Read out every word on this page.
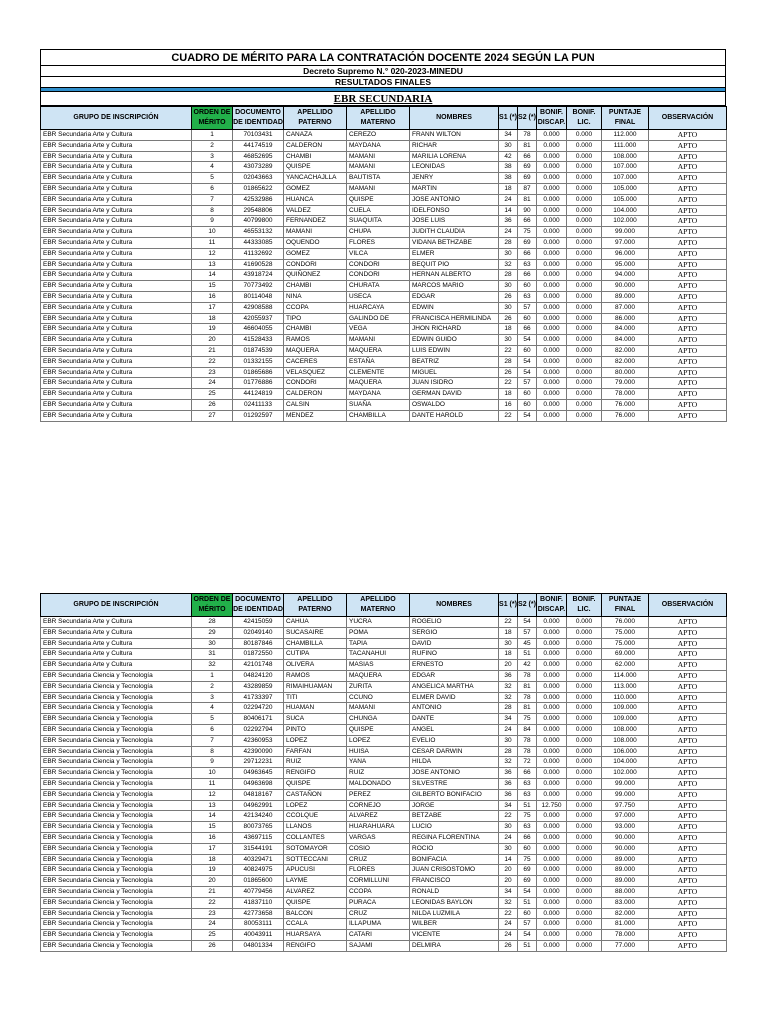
CUADRO DE MÉRITO PARA LA CONTRATACIÓN DOCENTE 2024 SEGÚN LA PUN
Decreto Supremo N.° 020-2023-MINEDU
RESULTADOS FINALES

EBR SECUNDARIA
GRUPO DE INSCRIPCIÓN	ORDEN DE MÉRITO	DOCUMENTO DE IDENTIDAD	APELLIDO PATERNO	APELLIDO MATERNO	NOMBRES	S1 (*)	S2 (*)	BONIF. DISCAP.	BONIF. LIC.	PUNTAJE FINAL	OBSERVACIÓN
EBR Secundaria Arte y Cultura	1	70103431	CANAZA	CEREZO	FRANN WILTON	34	78	0.000	0.000	112.000	APTO
EBR Secundaria Arte y Cultura	2	44174519	CALDERON	MAYDANA	RICHAR	30	81	0.000	0.000	111.000	APTO
EBR Secundaria Arte y Cultura	3	46852695	CHAMBI	MAMANI	MARILIA LORENA	42	66	0.000	0.000	108.000	APTO
EBR Secundaria Arte y Cultura	4	43073289	QUISPE	MAMANI	LEONIDAS	38	69	0.000	0.000	107.000	APTO
EBR Secundaria Arte y Cultura	5	02043663	YANCACHAJLLA	BAUTISTA	JENRY	38	69	0.000	0.000	107.000	APTO
EBR Secundaria Arte y Cultura	6	01865622	GOMEZ	MAMANI	MARTIN	18	87	0.000	0.000	105.000	APTO
EBR Secundaria Arte y Cultura	7	42532986	HUANCA	QUISPE	JOSE ANTONIO	24	81	0.000	0.000	105.000	APTO
EBR Secundaria Arte y Cultura	8	29548806	VALDEZ	CUELA	IDELFONSO	14	90	0.000	0.000	104.000	APTO
EBR Secundaria Arte y Cultura	9	40799800	FERNANDEZ	SUAQUITA	JOSE LUIS	36	66	0.000	0.000	102.000	APTO
EBR Secundaria Arte y Cultura	10	46553132	MAMANI	CHUPA	JUDITH CLAUDIA	24	75	0.000	0.000	99.000	APTO
EBR Secundaria Arte y Cultura	11	44333085	OQUENDO	FLORES	VIDANA BETHZABE	28	69	0.000	0.000	97.000	APTO
EBR Secundaria Arte y Cultura	12	41132692	GOMEZ	VILCA	ELMER	30	66	0.000	0.000	96.000	APTO
EBR Secundaria Arte y Cultura	13	41690528	CONDORI	CONDORI	BEQUIT PIO	32	63	0.000	0.000	95.000	APTO
EBR Secundaria Arte y Cultura	14	43918724	QUIÑONEZ	CONDORI	HERNAN ALBERTO	28	66	0.000	0.000	94.000	APTO
EBR Secundaria Arte y Cultura	15	70773492	CHAMBI	CHURATA	MARCOS MARIO	30	60	0.000	0.000	90.000	APTO
EBR Secundaria Arte y Cultura	16	80114048	NINA	USECA	EDGAR	26	63	0.000	0.000	89.000	APTO
EBR Secundaria Arte y Cultura	17	42908588	CCOPA	HUARCAYA	EDWIN	30	57	0.000	0.000	87.000	APTO
EBR Secundaria Arte y Cultura	18	42055937	TIPO	GALINDO DE	FRANCISCA HERMILINDA	26	60	0.000	0.000	86.000	APTO
EBR Secundaria Arte y Cultura	19	46604055	CHAMBI	VEGA	JHON RICHARD	18	66	0.000	0.000	84.000	APTO
EBR Secundaria Arte y Cultura	20	41528433	RAMOS	MAMANI	EDWIN GUIDO	30	54	0.000	0.000	84.000	APTO
EBR Secundaria Arte y Cultura	21	01874539	MAQUERA	MAQUERA	LUIS EDWIN	22	60	0.000	0.000	82.000	APTO
EBR Secundaria Arte y Cultura	22	01332155	CACERES	ESTAÑA	BEATRIZ	28	54	0.000	0.000	82.000	APTO
EBR Secundaria Arte y Cultura	23	01865686	VELASQUEZ	CLEMENTE	MIGUEL	26	54	0.000	0.000	80.000	APTO
EBR Secundaria Arte y Cultura	24	01776886	CONDORI	MAQUERA	JUAN ISIDRO	22	57	0.000	0.000	79.000	APTO
EBR Secundaria Arte y Cultura	25	44124819	CALDERON	MAYDANA	GERMAN DAVID	18	60	0.000	0.000	78.000	APTO
EBR Secundaria Arte y Cultura	26	02411133	CALSIN	SUAÑA	OSWALDO	16	60	0.000	0.000	76.000	APTO
EBR Secundaria Arte y Cultura	27	01292597	MENDEZ	CHAMBILLA	DANTE HAROLD	22	54	0.000	0.000	76.000	APTO
GRUPO DE INSCRIPCIÓN	ORDEN DE MÉRITO	DOCUMENTO DE IDENTIDAD	APELLIDO PATERNO	APELLIDO MATERNO	NOMBRES	S1 (*)	S2 (*)	BONIF. DISCAP.	BONIF. LIC.	PUNTAJE FINAL	OBSERVACIÓN
EBR Secundaria Arte y Cultura	28	42415059	CAHUA	YUCRA	ROGELIO	22	54	0.000	0.000	76.000	APTO
EBR Secundaria Arte y Cultura	29	02049140	SUCASAIRE	POMA	SERGIO	18	57	0.000	0.000	75.000	APTO
EBR Secundaria Arte y Cultura	30	80187846	CHAMBILLA	TAPIA	DAVID	30	45	0.000	0.000	75.000	APTO
EBR Secundaria Arte y Cultura	31	01872550	CUTIPA	TACANAHUI	RUFINO	18	51	0.000	0.000	69.000	APTO
EBR Secundaria Arte y Cultura	32	42101748	OLIVERA	MASIAS	ERNESTO	20	42	0.000	0.000	62.000	APTO
EBR Secundaria Ciencia y Tecnología	1	04824120	RAMOS	MAQUERA	EDGAR	36	78	0.000	0.000	114.000	APTO
EBR Secundaria Ciencia y Tecnología	2	43289859	RIMAIHUAMAN	ZURITA	ANGELICA MARTHA	32	81	0.000	0.000	113.000	APTO
EBR Secundaria Ciencia y Tecnología	3	41733397	TITI	CCUNO	ELMER DAVID	32	78	0.000	0.000	110.000	APTO
EBR Secundaria Ciencia y Tecnología	4	02294720	HUAMAN	MAMANI	ANTONIO	28	81	0.000	0.000	109.000	APTO
EBR Secundaria Ciencia y Tecnología	5	80406171	SUCA	CHUNGA	DANTE	34	75	0.000	0.000	109.000	APTO
EBR Secundaria Ciencia y Tecnología	6	02292794	PINTO	QUISPE	ANGEL	24	84	0.000	0.000	108.000	APTO
EBR Secundaria Ciencia y Tecnología	7	42360953	LOPEZ	LOPEZ	EVELIO	30	78	0.000	0.000	108.000	APTO
EBR Secundaria Ciencia y Tecnología	8	42390090	FARFAN	HUISA	CESAR DARWIN	28	78	0.000	0.000	106.000	APTO
EBR Secundaria Ciencia y Tecnología	9	29712231	RUIZ	YANA	HILDA	32	72	0.000	0.000	104.000	APTO
EBR Secundaria Ciencia y Tecnología	10	04963645	RENGIFO	RUIZ	JOSE ANTONIO	36	66	0.000	0.000	102.000	APTO
EBR Secundaria Ciencia y Tecnología	11	04963698	QUISPE	MALDONADO	SILVESTRE	36	63	0.000	0.000	99.000	APTO
EBR Secundaria Ciencia y Tecnología	12	04818167	CASTAÑON	PEREZ	GILBERTO BONIFACIO	36	63	0.000	0.000	99.000	APTO
EBR Secundaria Ciencia y Tecnología	13	04962991	LOPEZ	CORNEJO	JORGE	34	51	12.750	0.000	97.750	APTO
EBR Secundaria Ciencia y Tecnología	14	42134240	CCOLQUE	ALVAREZ	BETZABE	22	75	0.000	0.000	97.000	APTO
EBR Secundaria Ciencia y Tecnología	15	80073765	LLANOS	HUARAHUARA	LUCIO	30	63	0.000	0.000	93.000	APTO
EBR Secundaria Ciencia y Tecnología	16	43697115	COLLANTES	VARGAS	REGINA FLORENTINA	24	66	0.000	0.000	90.000	APTO
EBR Secundaria Ciencia y Tecnología	17	31544191	SOTOMAYOR	COSIO	ROCIO	30	60	0.000	0.000	90.000	APTO
EBR Secundaria Ciencia y Tecnología	18	40329471	SOTTECCANI	CRUZ	BONIFACIA	14	75	0.000	0.000	89.000	APTO
EBR Secundaria Ciencia y Tecnología	19	40824975	APUCUSI	FLORES	JUAN CRISOSTOMO	20	69	0.000	0.000	89.000	APTO
EBR Secundaria Ciencia y Tecnología	20	01865600	LAYME	CORMILLUNI	FRANCISCO	20	69	0.000	0.000	89.000	APTO
EBR Secundaria Ciencia y Tecnología	21	40779456	ALVAREZ	CCOPA	RONALD	34	54	0.000	0.000	88.000	APTO
EBR Secundaria Ciencia y Tecnología	22	41837110	QUISPE	PURACA	LEONIDAS BAYLON	32	51	0.000	0.000	83.000	APTO
EBR Secundaria Ciencia y Tecnología	23	42773658	BALCON	CRUZ	NILDA LUZMILA	22	60	0.000	0.000	82.000	APTO
EBR Secundaria Ciencia y Tecnología	24	80053111	CCALA	ILLAPUMA	WILBER	24	57	0.000	0.000	81.000	APTO
EBR Secundaria Ciencia y Tecnología	25	40043911	HUARSAYA	CATARI	VICENTE	24	54	0.000	0.000	78.000	APTO
EBR Secundaria Ciencia y Tecnología	26	04801334	RENGIFO	SAJAMI	DELMIRA	26	51	0.000	0.000	77.000	APTO
